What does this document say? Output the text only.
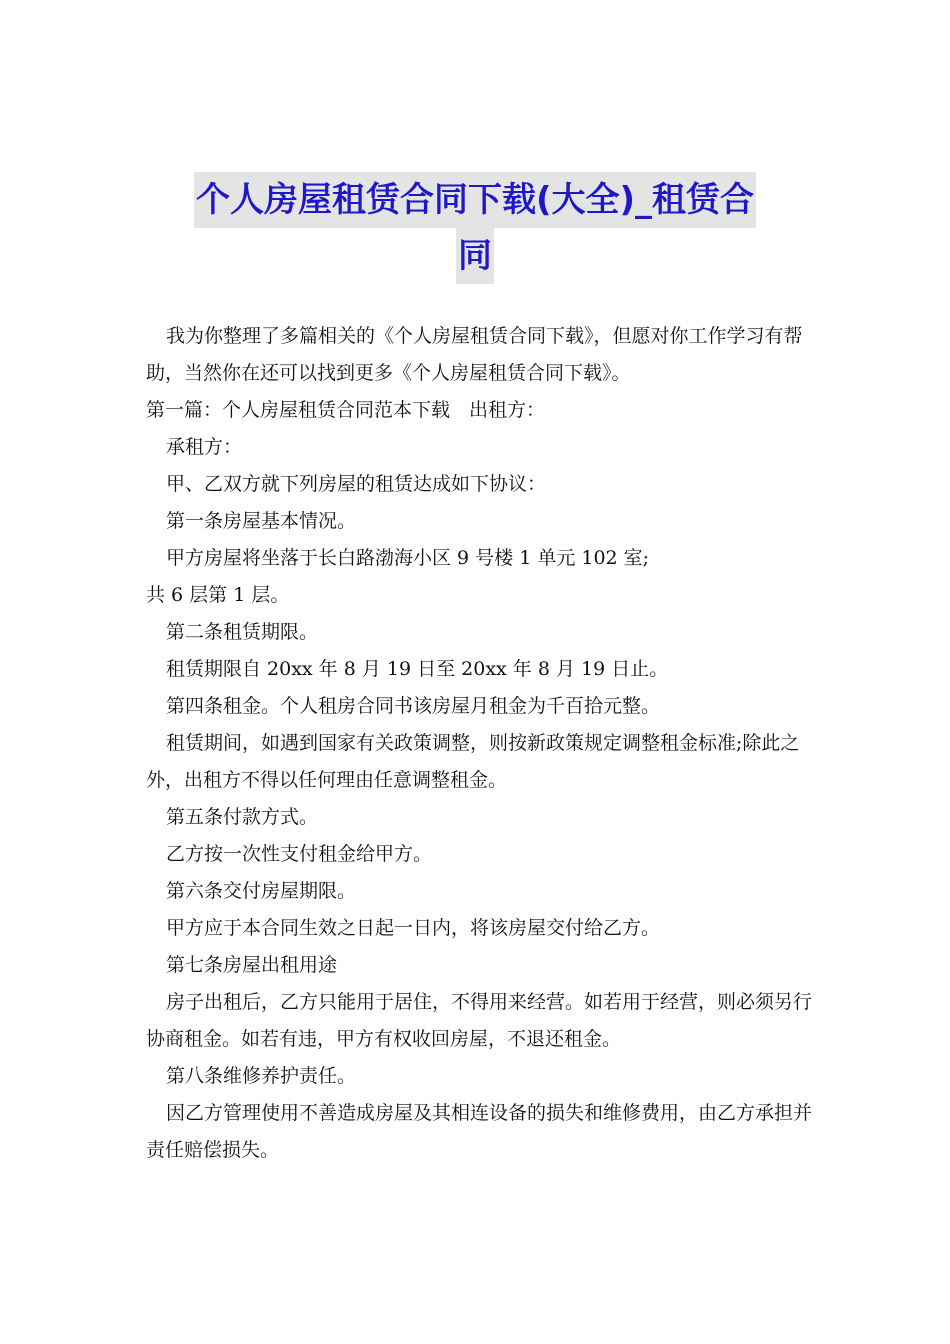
个人房屋租赁合同下载(大全)_租赁合
同

我为你整理了多篇相关的《个人房屋租赁合同下载》，但愿对你工作学习有帮助，当然你在还可以找到更多《个人房屋租赁合同下载》。

第一篇：个人房屋租赁合同范本下载　出租方：

承租方：

甲、乙双方就下列房屋的租赁达成如下协议：

第一条房屋基本情况。

甲方房屋将坐落于长白路渤海小区 9 号楼 1 单元 102 室;

共 6 层第 1 层。

第二条租赁期限。

租赁期限自 20xx 年 8 月 19 日至 20xx 年 8 月 19 日止。

第四条租金。个人租房合同书该房屋月租金为千百拾元整。

租赁期间，如遇到国家有关政策调整，则按新政策规定调整租金标准;除此之外，出租方不得以任何理由任意调整租金。

第五条付款方式。

乙方按一次性支付租金给甲方。

第六条交付房屋期限。

甲方应于本合同生效之日起一日内，将该房屋交付给乙方。

第七条房屋出租用途

房子出租后，乙方只能用于居住，不得用来经营。如若用于经营，则必须另行协商租金。如若有违，甲方有权收回房屋，不退还租金。

第八条维修养护责任。

因乙方管理使用不善造成房屋及其相连设备的损失和维修费用，由乙方承担并责任赔偿损失。
